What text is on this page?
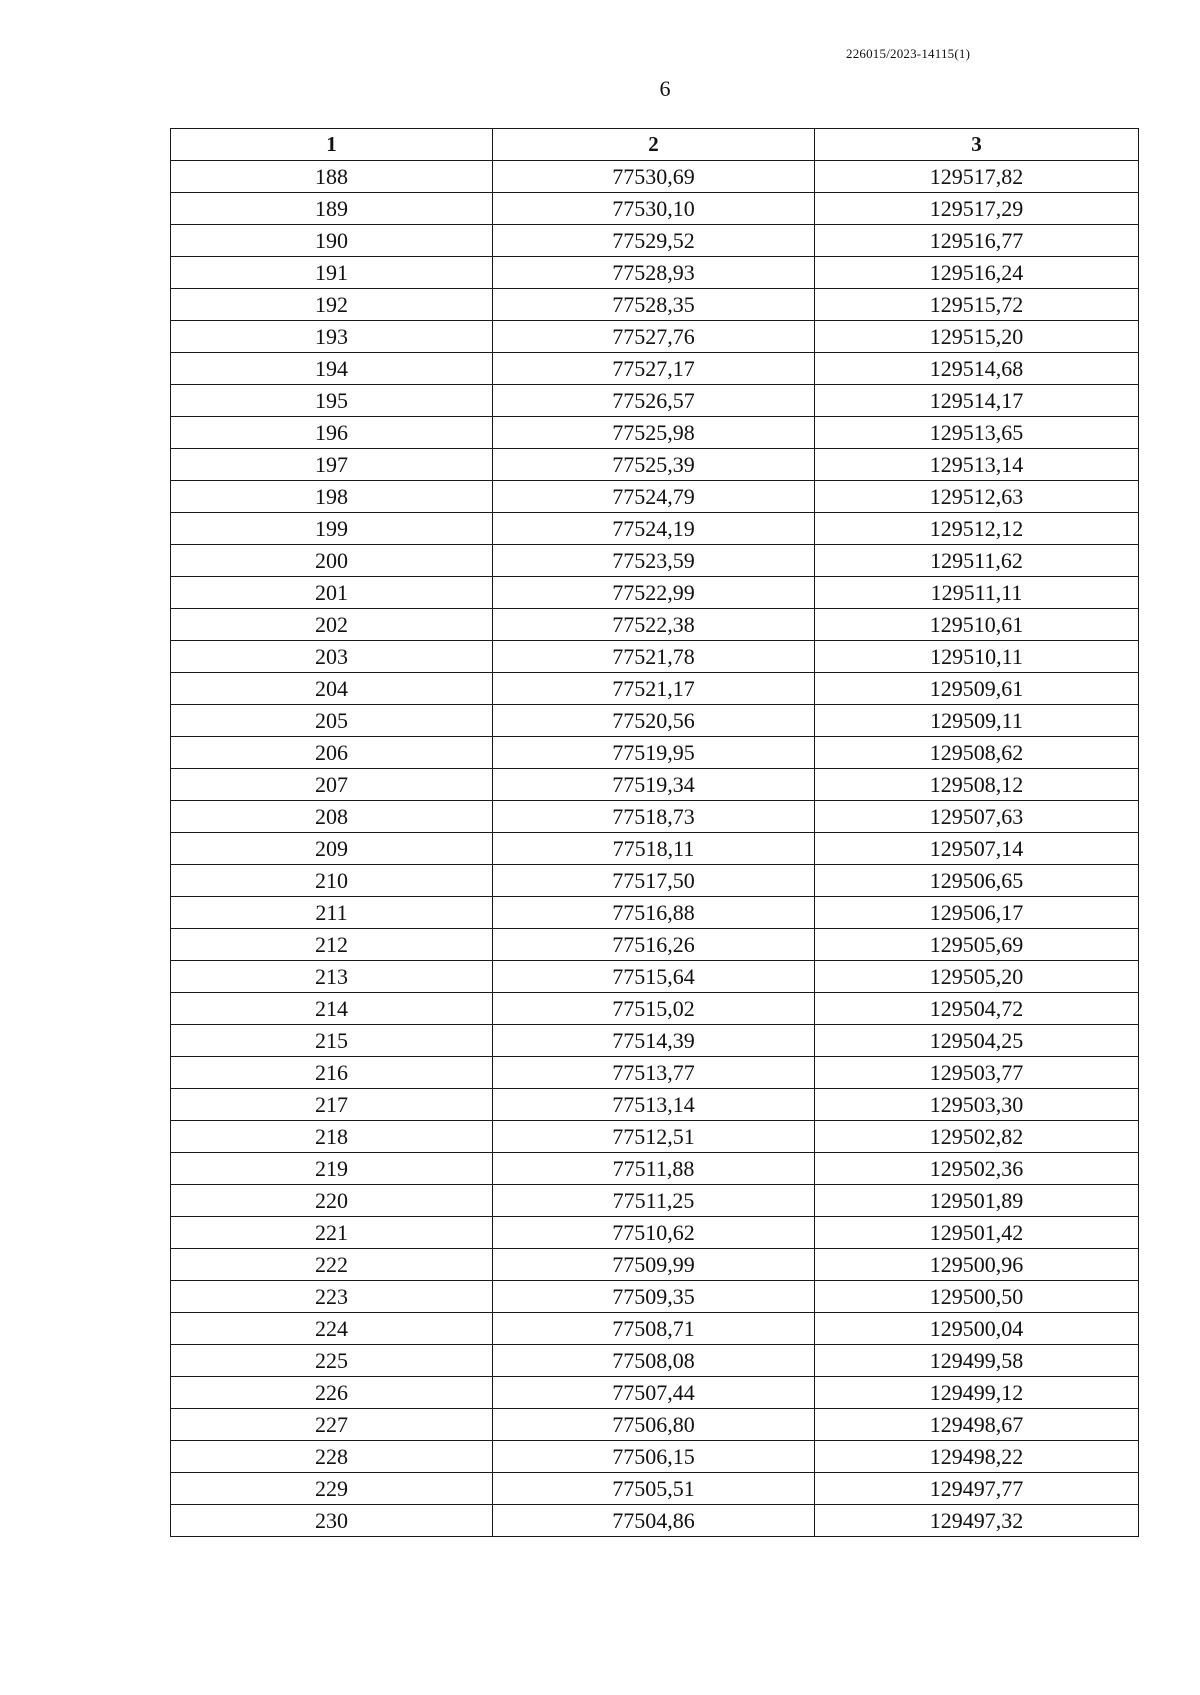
226015/2023-14115(1)
6
1	2	3
188	77530,69	129517,82
189	77530,10	129517,29
190	77529,52	129516,77
191	77528,93	129516,24
192	77528,35	129515,72
193	77527,76	129515,20
194	77527,17	129514,68
195	77526,57	129514,17
196	77525,98	129513,65
197	77525,39	129513,14
198	77524,79	129512,63
199	77524,19	129512,12
200	77523,59	129511,62
201	77522,99	129511,11
202	77522,38	129510,61
203	77521,78	129510,11
204	77521,17	129509,61
205	77520,56	129509,11
206	77519,95	129508,62
207	77519,34	129508,12
208	77518,73	129507,63
209	77518,11	129507,14
210	77517,50	129506,65
211	77516,88	129506,17
212	77516,26	129505,69
213	77515,64	129505,20
214	77515,02	129504,72
215	77514,39	129504,25
216	77513,77	129503,77
217	77513,14	129503,30
218	77512,51	129502,82
219	77511,88	129502,36
220	77511,25	129501,89
221	77510,62	129501,42
222	77509,99	129500,96
223	77509,35	129500,50
224	77508,71	129500,04
225	77508,08	129499,58
226	77507,44	129499,12
227	77506,80	129498,67
228	77506,15	129498,22
229	77505,51	129497,77
230	77504,86	129497,32
